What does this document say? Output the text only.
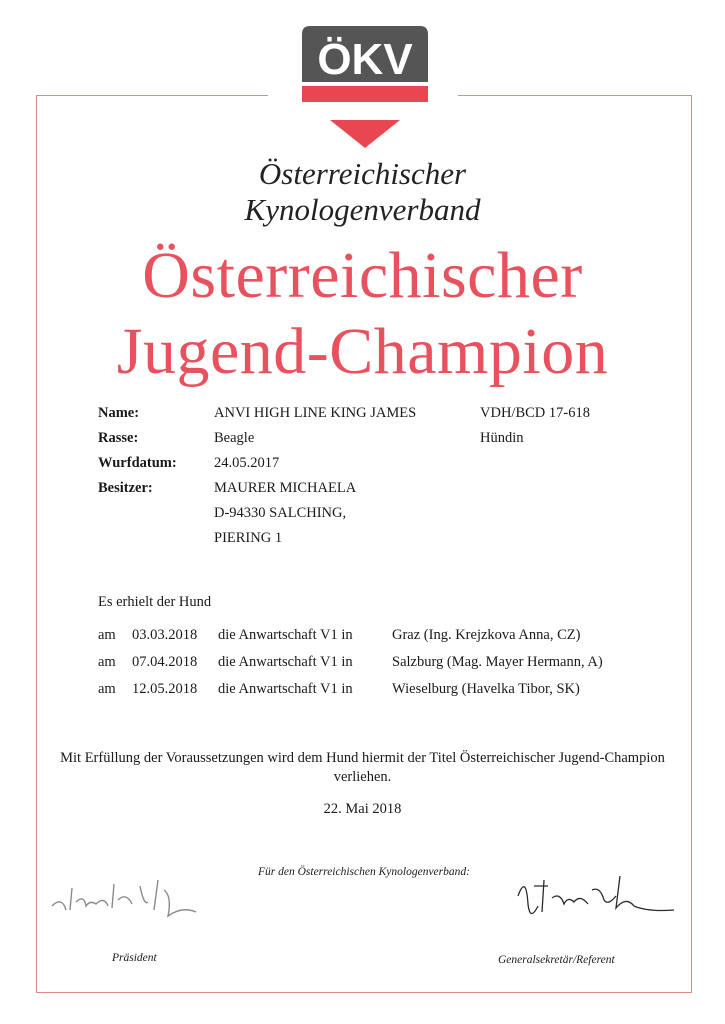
ÖKV
Österreichischer
Kynologenverband
Österreichischer
Jugend-Champion
Name:	ANVI HIGH LINE KING JAMES	VDH/BCD 17-618
Rasse:	Beagle	Hündin
Wurfdatum:	24.05.2017
Besitzer:	MAURER MICHAELA
D-94330 SALCHING,
PIERING 1
Es erhielt der Hund
am 03.03.2018 die Anwartschaft V1 in	Graz (Ing. Krejzkova Anna, CZ)
am 07.04.2018 die Anwartschaft V1 in	Salzburg (Mag. Mayer Hermann, A)
am 12.05.2018 die Anwartschaft V1 in	Wieselburg (Havelka Tibor, SK)
Mit Erfüllung der Voraussetzungen wird dem Hund hiermit der Titel Österreichischer Jugend-Champion verliehen.
22. Mai 2018
Für den Österreichischen Kynologenverband:
Präsident	Generalsekretär/Referent
